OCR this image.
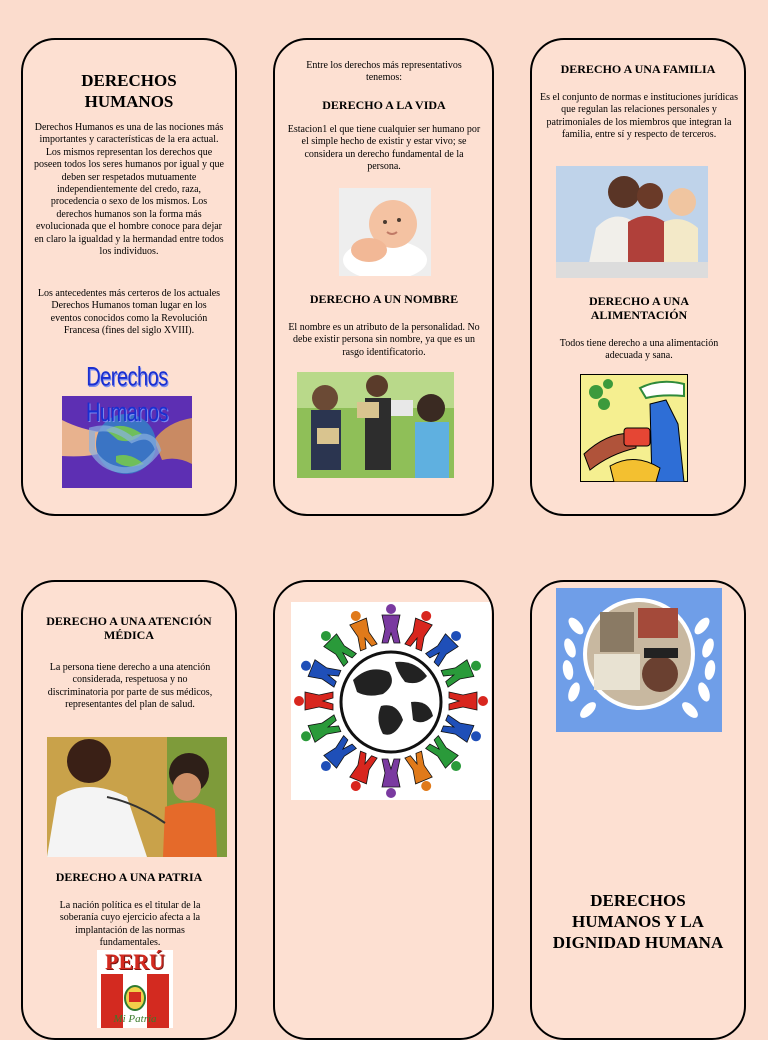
DERECHOS HUMANOS
Derechos Humanos es una de las nociones más importantes y características de la era actual. Los mismos representan los derechos que poseen todos los seres humanos por igual y que deben ser respetados mutuamente independientemente del credo, raza, procedencia o sexo de los mismos. Los derechos humanos son la forma más evolucionada que el hombre conoce para dejar en claro la igualdad y la hermandad entre todos los individuos.
Los antecedentes más certeros de los actuales Derechos Humanos toman lugar en los eventos conocidos como la Revolución Francesa (fines del siglo XVIII).
Derechos Humanos
Entre los derechos más representativos tenemos:
DERECHO A LA VIDA
Estacion1 el que tiene cualquier ser humano por el simple hecho de existir y estar vivo; se considera un derecho fundamental de la persona.
DERECHO A UN NOMBRE
El nombre es un atributo de la personalidad. No debe existir persona sin nombre, ya que es un rasgo identificatorio.
DERECHO A UNA FAMILIA
Es el conjunto de normas e instituciones jurídicas que regulan las relaciones personales y patrimoniales de los miembros que integran la familia, entre sí y respecto de terceros.
DERECHO A UNA ALIMENTACIÓN
Todos tiene derecho a una alimentación adecuada y sana.
DERECHO A UNA ATENCIÓN MÉDICA
La persona tiene derecho a una atención considerada, respetuosa y no discriminatoria por parte de sus médicos, representantes del plan de salud.
DERECHO A UNA PATRIA
La nación política es el titular de la soberanía cuyo ejercicio afecta a la implantación de las normas fundamentales.
PERÚ
Mi Patria
DERECHOS HUMANOS Y LA DIGNIDAD HUMANA
